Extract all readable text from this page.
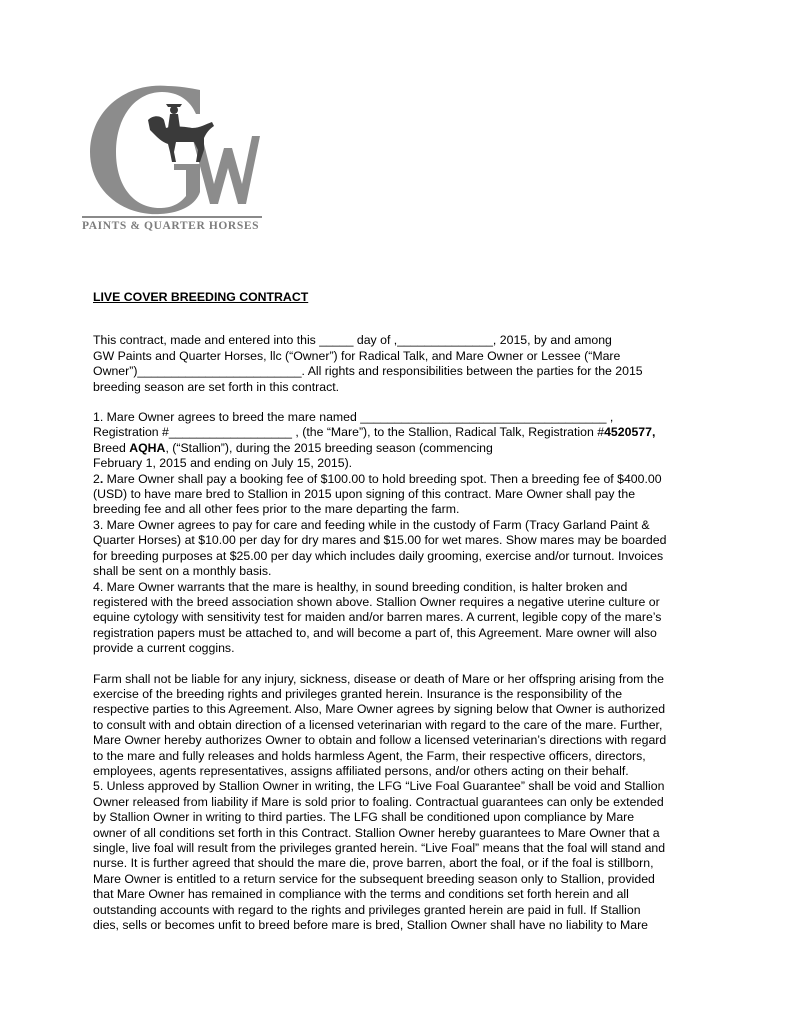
PAINTS & QUARTER HORSES
LIVE COVER BREEDING CONTRACT
This contract, made and entered into this _____ day of ,______________, 2015, by and among
GW Paints and Quarter Horses, llc (“Owner”) for Radical Talk, and Mare Owner or Lessee (“Mare
Owner”)________________________. All rights and responsibilities between the parties for the 2015
breeding season are set forth in this contract.
1. Mare Owner agrees to breed the mare named ____________________________________ ,
Registration #__________________ , (the “Mare”), to the Stallion, Radical Talk, Registration #4520577,
Breed AQHA, (“Stallion”), during the 2015 breeding season (commencing
February 1, 2015 and ending on July 15, 2015).
2. Mare Owner shall pay a booking fee of $100.00 to hold breeding spot. Then a breeding fee of $400.00
(USD) to have mare bred to Stallion in 2015 upon signing of this contract. Mare Owner shall pay the
breeding fee and all other fees prior to the mare departing the farm.
3. Mare Owner agrees to pay for care and feeding while in the custody of Farm (Tracy Garland Paint &
Quarter Horses) at $10.00 per day for dry mares and $15.00 for wet mares. Show mares may be boarded
for breeding purposes at $25.00 per day which includes daily grooming, exercise and/or turnout. Invoices
shall be sent on a monthly basis.
4. Mare Owner warrants that the mare is healthy, in sound breeding condition, is halter broken and
registered with the breed association shown above. Stallion Owner requires a negative uterine culture or
equine cytology with sensitivity test for maiden and/or barren mares. A current, legible copy of the mare’s
registration papers must be attached to, and will become a part of, this Agreement. Mare owner will also
provide a current coggins.
Farm shall not be liable for any injury, sickness, disease or death of Mare or her offspring arising from the
exercise of the breeding rights and privileges granted herein. Insurance is the responsibility of the
respective parties to this Agreement. Also, Mare Owner agrees by signing below that Owner is authorized
to consult with and obtain direction of a licensed veterinarian with regard to the care of the mare. Further,
Mare Owner hereby authorizes Owner to obtain and follow a licensed veterinarian’s directions with regard
to the mare and fully releases and holds harmless Agent, the Farm, their respective officers, directors,
employees, agents representatives, assigns affiliated persons, and/or others acting on their behalf.
5. Unless approved by Stallion Owner in writing, the LFG “Live Foal Guarantee” shall be void and Stallion
Owner released from liability if Mare is sold prior to foaling. Contractual guarantees can only be extended
by Stallion Owner in writing to third parties. The LFG shall be conditioned upon compliance by Mare
owner of all conditions set forth in this Contract. Stallion Owner hereby guarantees to Mare Owner that a
single, live foal will result from the privileges granted herein. “Live Foal” means that the foal will stand and
nurse. It is further agreed that should the mare die, prove barren, abort the foal, or if the foal is stillborn,
Mare Owner is entitled to a return service for the subsequent breeding season only to Stallion, provided
that Mare Owner has remained in compliance with the terms and conditions set forth herein and all
outstanding accounts with regard to the rights and privileges granted herein are paid in full. If Stallion
dies, sells or becomes unfit to breed before mare is bred, Stallion Owner shall have no liability to Mare
